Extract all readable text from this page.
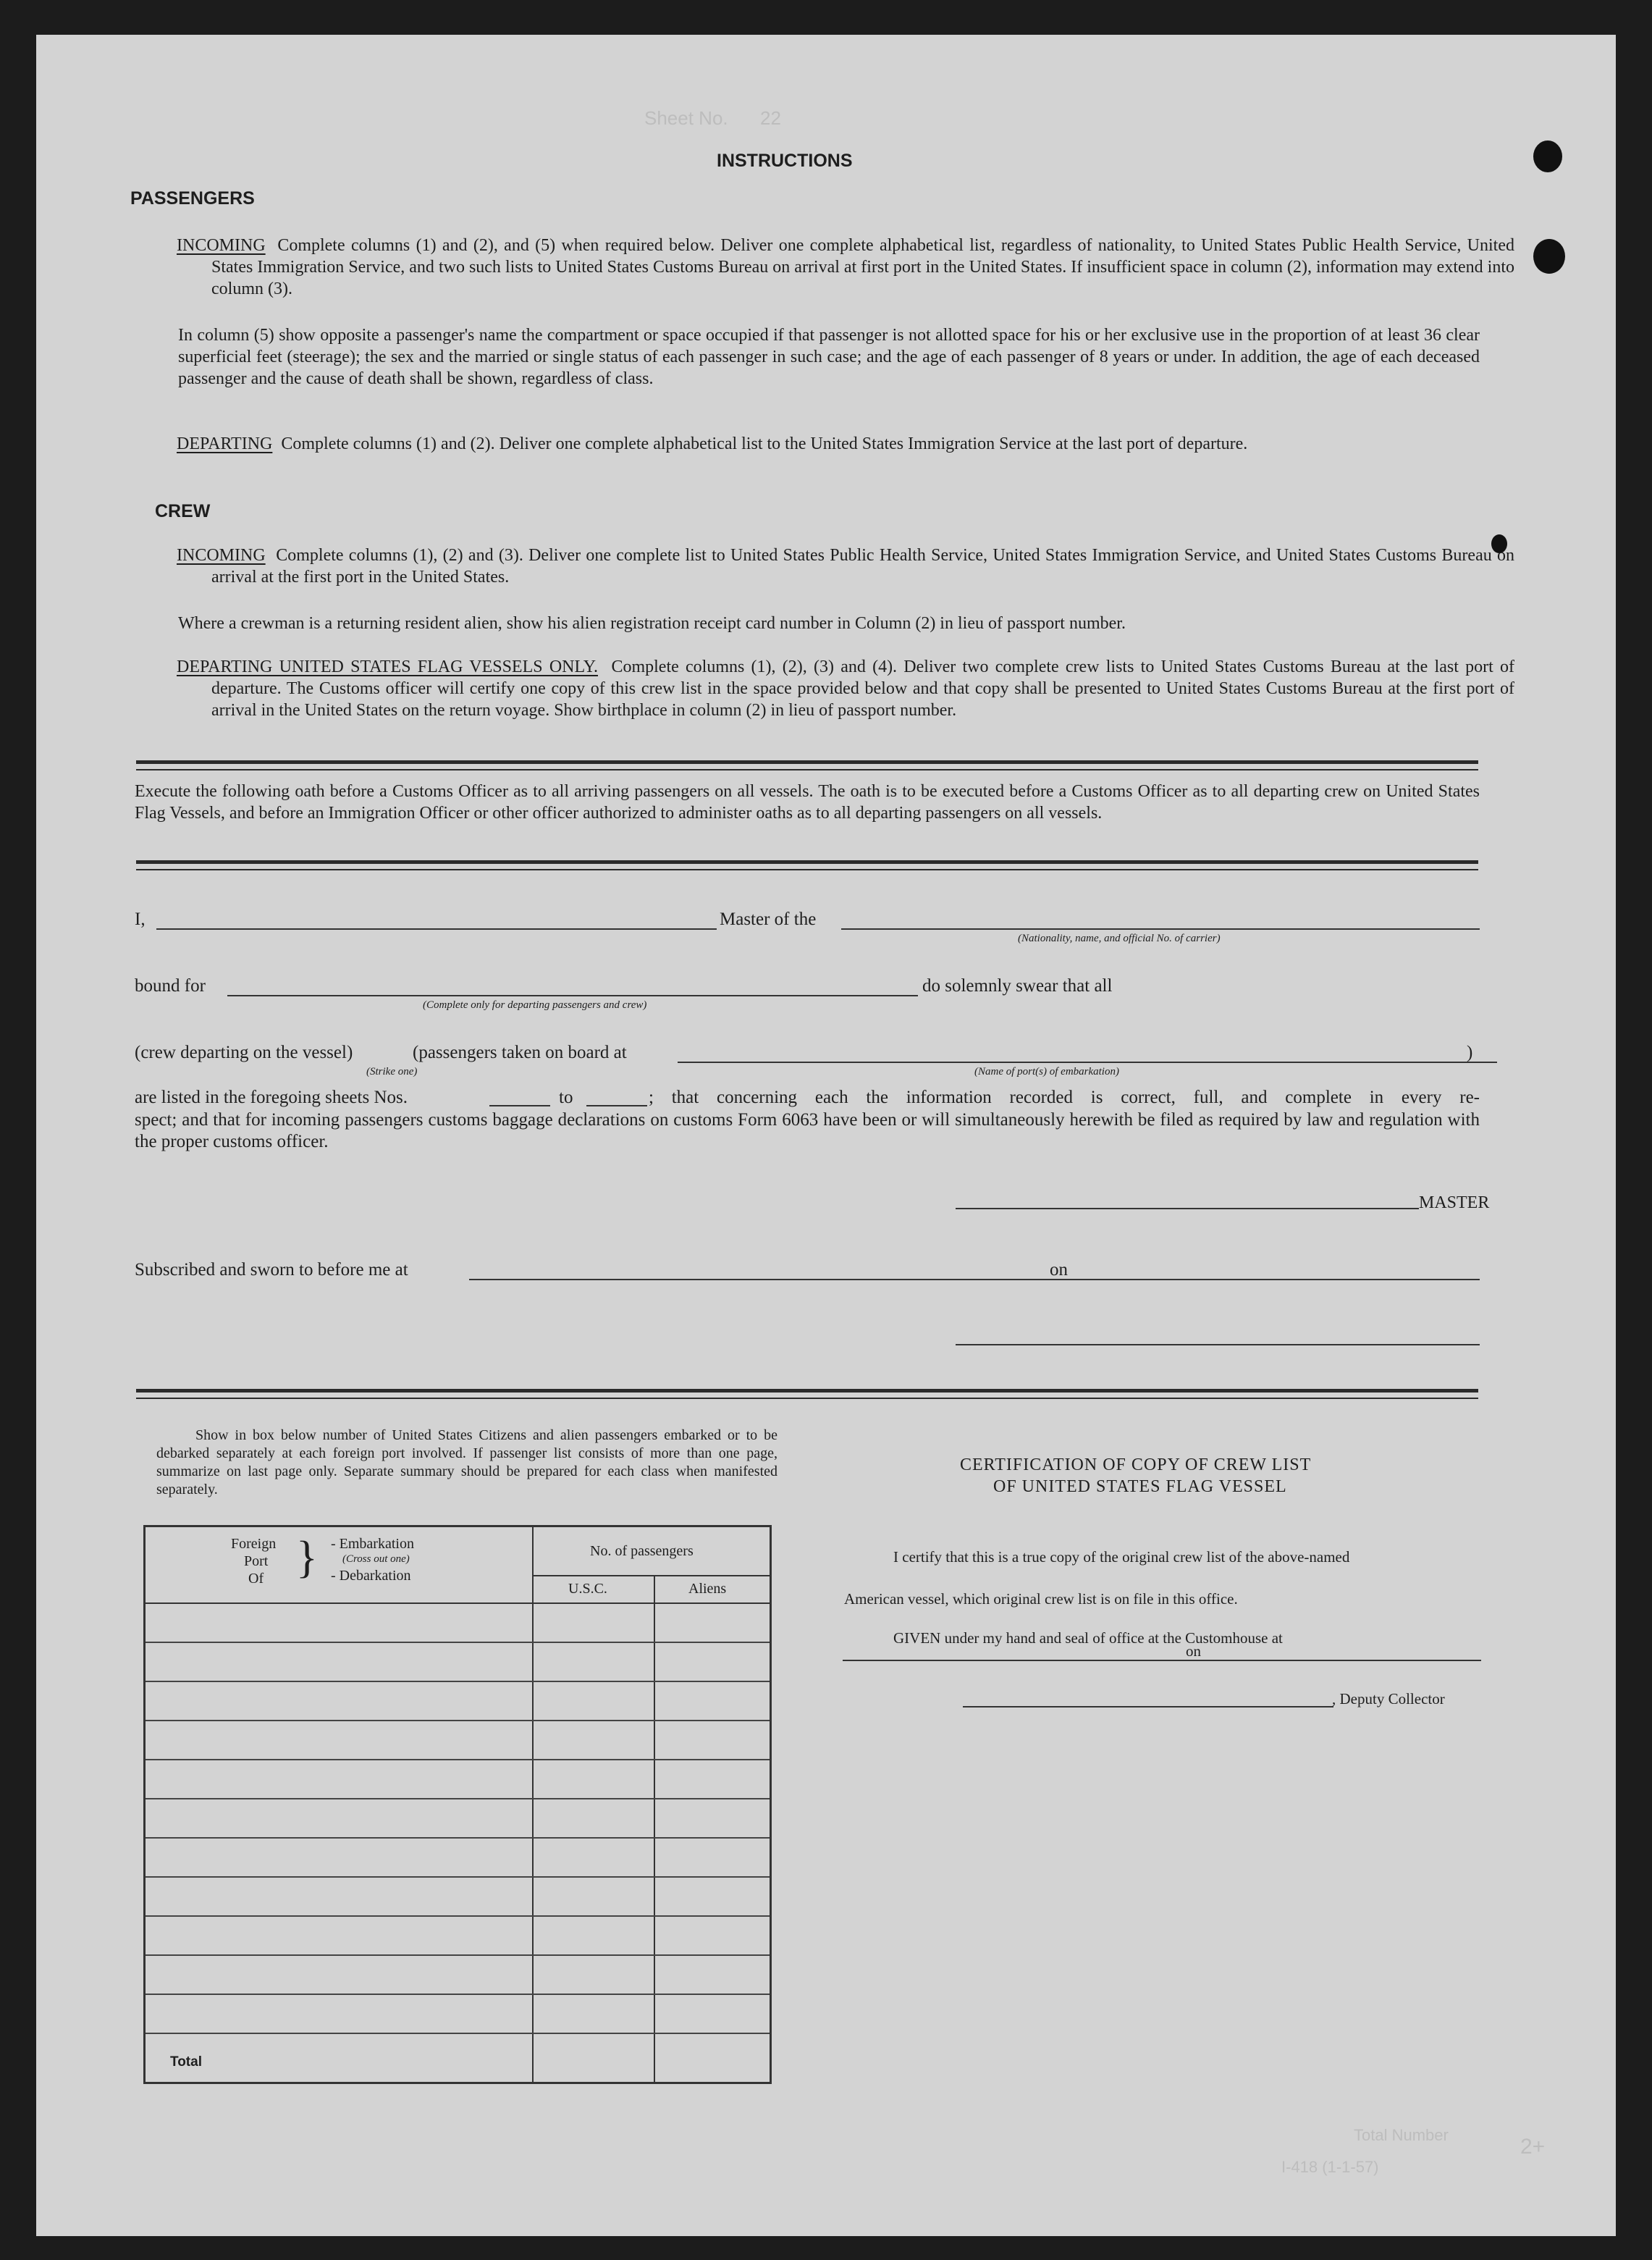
Sheet No. 22
Total Number
I-418 (1-1-57)
2+
INSTRUCTIONS
PASSENGERS

INCOMING Complete columns (1) and (2), and (5) when required below. Deliver one complete alphabetical list, regardless of nationality, to United States Public Health Service, United States Immigration Service, and two such lists to United States Customs Bureau on arrival at first port in the United States. If insufficient space in column (2), information may extend into column (3).

In column (5) show opposite a passenger's name the compartment or space occupied if that passenger is not allotted space for his or her exclusive use in the proportion of at least 36 clear superficial feet (steerage); the sex and the married or single status of each passenger in such case; and the age of each passenger of 8 years or under. In addition, the age of each deceased passenger and the cause of death shall be shown, regardless of class.

DEPARTING Complete columns (1) and (2). Deliver one complete alphabetical list to the United States Immigration Service at the last port of departure.

CREW

INCOMING Complete columns (1), (2) and (3). Deliver one complete list to United States Public Health Service, United States Immigration Service, and United States Customs Bureau on arrival at the first port in the United States.

Where a crewman is a returning resident alien, show his alien registration receipt card number in Column (2) in lieu of passport number.

DEPARTING UNITED STATES FLAG VESSELS ONLY. Complete columns (1), (2), (3) and (4). Deliver two complete crew lists to United States Customs Bureau at the last port of departure. The Customs officer will certify one copy of this crew list in the space provided below and that copy shall be presented to United States Customs Bureau at the first port of arrival in the United States on the return voyage. Show birthplace in column (2) in lieu of passport number.

Execute the following oath before a Customs Officer as to all arriving passengers on all vessels. The oath is to be executed before a Customs Officer as to all departing crew on United States Flag Vessels, and before an Immigration Officer or other officer authorized to administer oaths as to all departing passengers on all vessels.

I,	Master of the
(Nationality, name, and official No. of carrier)
bound for	do solemnly swear that all
(Complete only for departing passengers and crew)
(crew departing on the vessel)	(passengers taken on board at	)
(Strike one)	(Name of port(s) of embarkation)
are listed in the foregoing sheets Nos.	to	; that concerning each the information recorded is correct, full, and complete in every re-

spect; and that for incoming passengers customs baggage declarations on customs Form 6063 have been or will simultaneously herewith be filed as required by law and regulation with the proper customs officer.

MASTER
Subscribed and sworn to before me at	on

Show in box below number of United States Citizens and alien passengers embarked or to be debarked separately at each foreign port involved. If passenger list consists of more than one page, summarize on last page only. Separate summary should be prepared for each class when manifested separately.

Foreign
Port
Of } - Embarkation
(Cross out one)
- Debarkation
No. of passengers
U.S.C.	Aliens
Total
CERTIFICATION OF COPY OF CREW LIST
OF UNITED STATES FLAG VESSEL
I certify that this is a true copy of the original crew list of the above-named
American vessel, which original crew list is on file in this office.
GIVEN under my hand and seal of office at the Customhouse at
on
, Deputy Collector
